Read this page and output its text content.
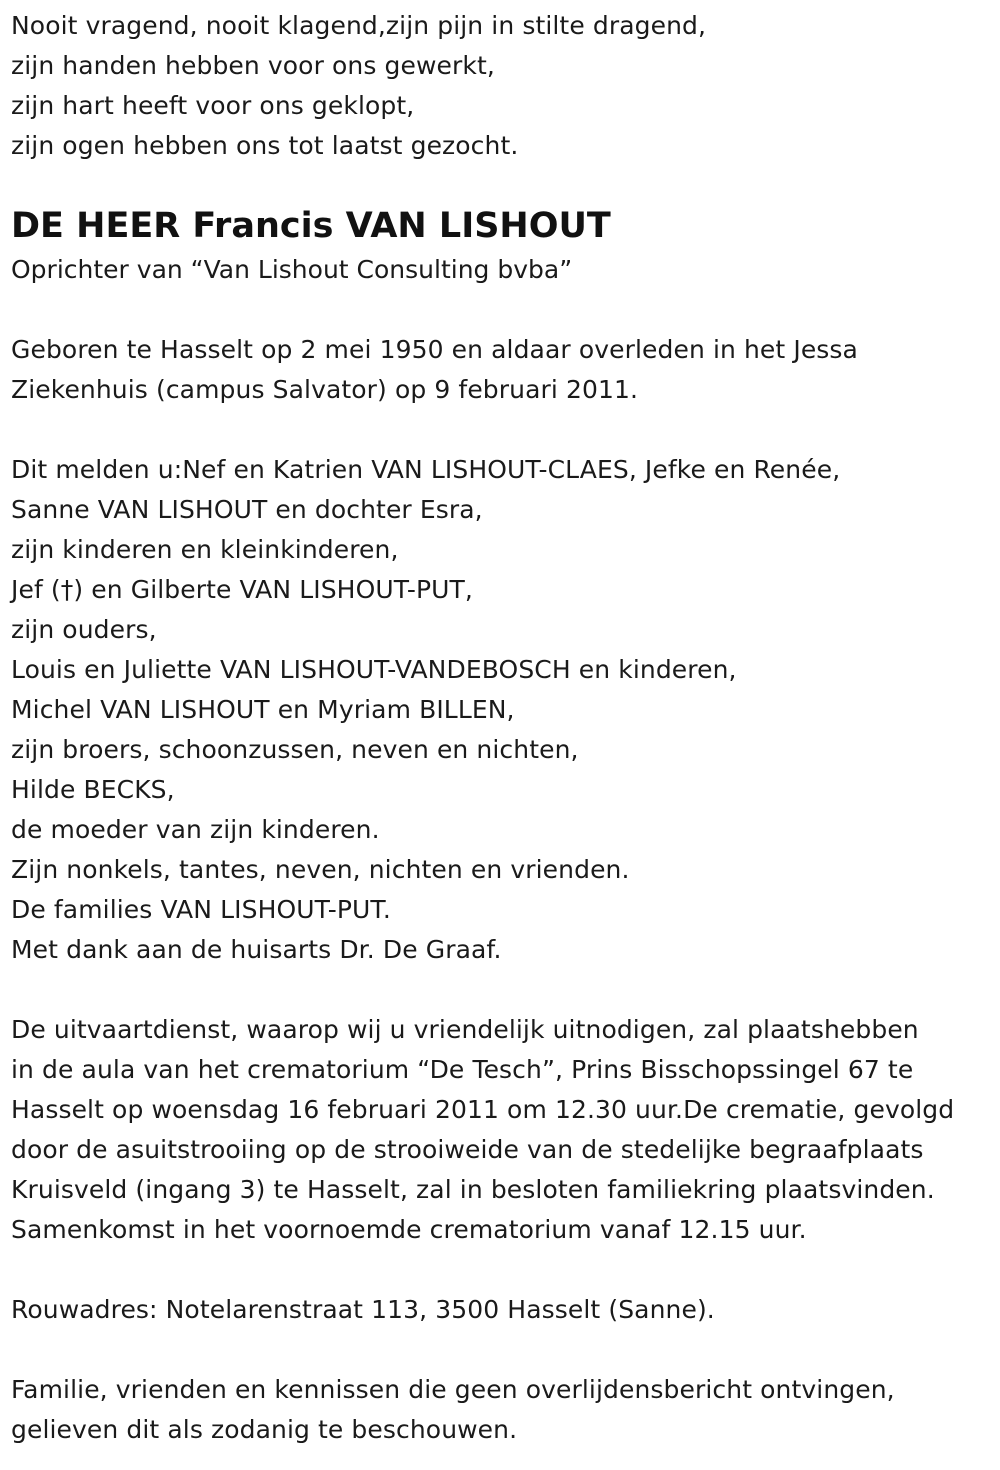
Nooit vragend, nooit klagend,zijn pijn in stilte dragend,
zijn handen hebben voor ons gewerkt,
zijn hart heeft voor ons geklopt,
zijn ogen hebben ons tot laatst gezocht.
DE HEER Francis VAN LISHOUT
Oprichter van “Van Lishout Consulting bvba”
Geboren te Hasselt op 2 mei 1950 en aldaar overleden in het Jessa
Ziekenhuis (campus Salvator) op 9 februari 2011.
Dit melden u:Nef en Katrien VAN LISHOUT-CLAES, Jefke en Renée,
Sanne VAN LISHOUT en dochter Esra,
zijn kinderen en kleinkinderen,
Jef (†) en Gilberte VAN LISHOUT-PUT,
zijn ouders,
Louis en Juliette VAN LISHOUT-VANDEBOSCH en kinderen,
Michel VAN LISHOUT en Myriam BILLEN,
zijn broers, schoonzussen, neven en nichten,
Hilde BECKS,
de moeder van zijn kinderen.
Zijn nonkels, tantes, neven, nichten en vrienden.
De families VAN LISHOUT-PUT.
Met dank aan de huisarts Dr. De Graaf.
De uitvaartdienst, waarop wij u vriendelijk uitnodigen, zal plaatshebben
in de aula van het crematorium “De Tesch”, Prins Bisschopssingel 67 te
Hasselt op woensdag 16 februari 2011 om 12.30 uur.De crematie, gevolgd
door de asuitstrooiing op de strooiweide van de stedelijke begraafplaats
Kruisveld (ingang 3) te Hasselt, zal in besloten familiekring plaatsvinden.
Samenkomst in het voornoemde crematorium vanaf 12.15 uur.
Rouwadres: Notelarenstraat 113, 3500 Hasselt (Sanne).
Familie, vrienden en kennissen die geen overlijdensbericht ontvingen,
gelieven dit als zodanig te beschouwen.
